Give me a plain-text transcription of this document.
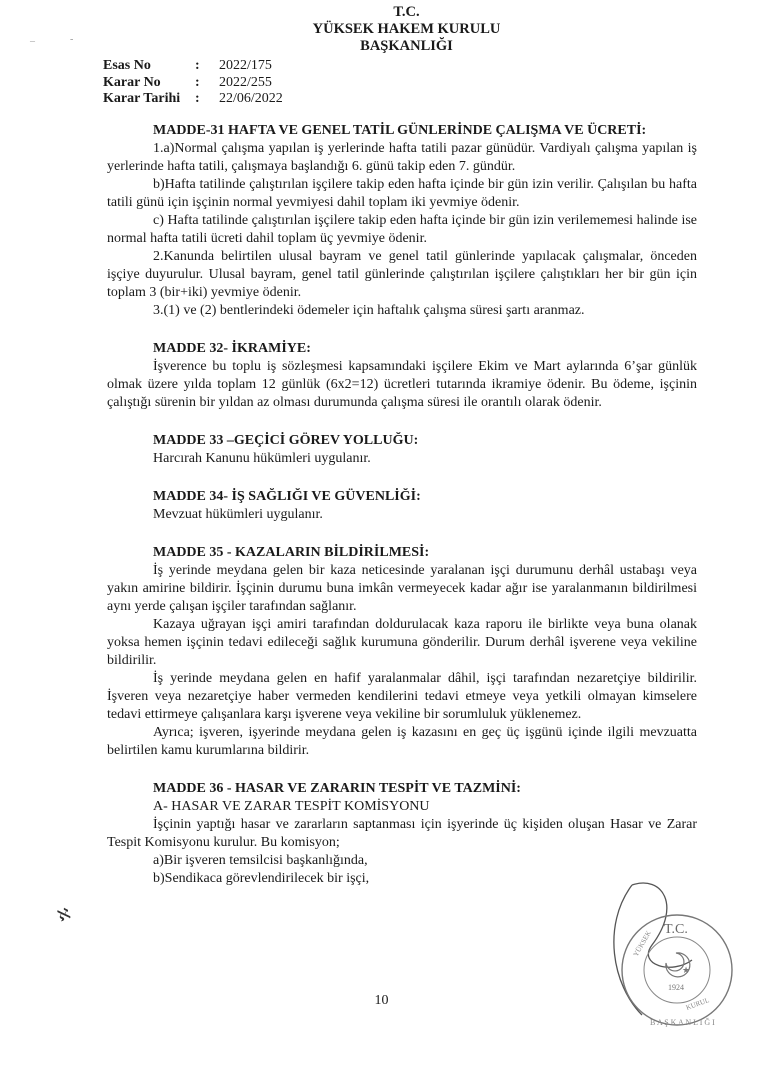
–	-
T.C.
YÜKSEK HAKEM KURULU
BAŞKANLIĞI
Esas No	:	2022/175
Karar No	:	2022/255
Karar Tarihi	:	22/06/2022

MADDE-31 HAFTA VE GENEL TATİL GÜNLERİNDE ÇALIŞMA VE ÜCRETİ:

1.a)Normal çalışma yapılan iş yerlerinde hafta tatili pazar günüdür. Vardiyalı çalışma yapılan iş yerlerinde hafta tatili, çalışmaya başlandığı 6. günü takip eden 7. gündür.

b)Hafta tatilinde çalıştırılan işçilere takip eden hafta içinde bir gün izin verilir. Çalışılan bu hafta tatili günü için işçinin normal yevmiyesi dahil toplam iki yevmiye ödenir.

c) Hafta tatilinde çalıştırılan işçilere takip eden hafta içinde bir gün izin verilememesi halinde ise normal hafta tatili ücreti dahil toplam üç yevmiye ödenir.

2.Kanunda belirtilen ulusal bayram ve genel tatil günlerinde yapılacak çalışmalar, önceden işçiye duyurulur. Ulusal bayram, genel tatil günlerinde çalıştırılan işçilere çalıştıkları her bir gün için toplam 3 (bir+iki) yevmiye ödenir.

3.(1) ve (2) bentlerindeki ödemeler için haftalık çalışma süresi şartı aranmaz.

MADDE 32- İKRAMİYE:

İşverence bu toplu iş sözleşmesi kapsamındaki işçilere Ekim ve Mart aylarında 6’şar günlük olmak üzere yılda toplam 12 günlük (6x2=12) ücretleri tutarında ikramiye ödenir. Bu ödeme, işçinin çalıştığı sürenin bir yıldan az olması durumunda çalışma süresi ile orantılı olarak ödenir.

MADDE 33 –GEÇİCİ GÖREV YOLLUĞU:

Harcırah Kanunu hükümleri uygulanır.

MADDE 34- İŞ SAĞLIĞI VE GÜVENLİĞİ:

Mevzuat hükümleri uygulanır.

MADDE 35 - KAZALARIN BİLDİRİLMESİ:

İş yerinde meydana gelen bir kaza neticesinde yaralanan işçi durumunu derhâl ustabaşı veya yakın amirine bildirir. İşçinin durumu buna imkân vermeyecek kadar ağır ise yaralanmanın bildirilmesi aynı yerde çalışan işçiler tarafından sağlanır.

Kazaya uğrayan işçi amiri tarafından doldurulacak kaza raporu ile birlikte veya buna olanak yoksa hemen işçinin tedavi edileceği sağlık kurumuna gönderilir. Durum derhâl işverene veya vekiline bildirilir.

İş yerinde meydana gelen en hafif yaralanmalar dâhil, işçi tarafından nezaretçiye bildirilir. İşveren veya nezaretçiye haber vermeden kendilerini tedavi etmeye veya yetkili olmayan kimselere tedavi ettirmeye çalışanlara karşı işverene veya vekiline bir sorumluluk yüklenemez.

Ayrıca; işveren, işyerinde meydana gelen iş kazasını en geç üç işgünü içinde ilgili mevzuatta belirtilen kamu kurumlarına bildirir.

MADDE 36 - HASAR VE ZARARIN TESPİT VE TAZMİNİ:

A- HASAR VE ZARAR TESPİT KOMİSYONU

İşçinin yaptığı hasar ve zararların saptanması için işyerinde üç kişiden oluşan Hasar ve Zarar Tespit Komisyonu kurulur. Bu komisyon;

a)Bir işveren temsilcisi başkanlığında,

b)Sendikaca görevlendirilecek bir işçi,

ℵ
T.C.
★
1924
YÜKSEK
KURUL
B A Ş K A N L I Ğ I
10
